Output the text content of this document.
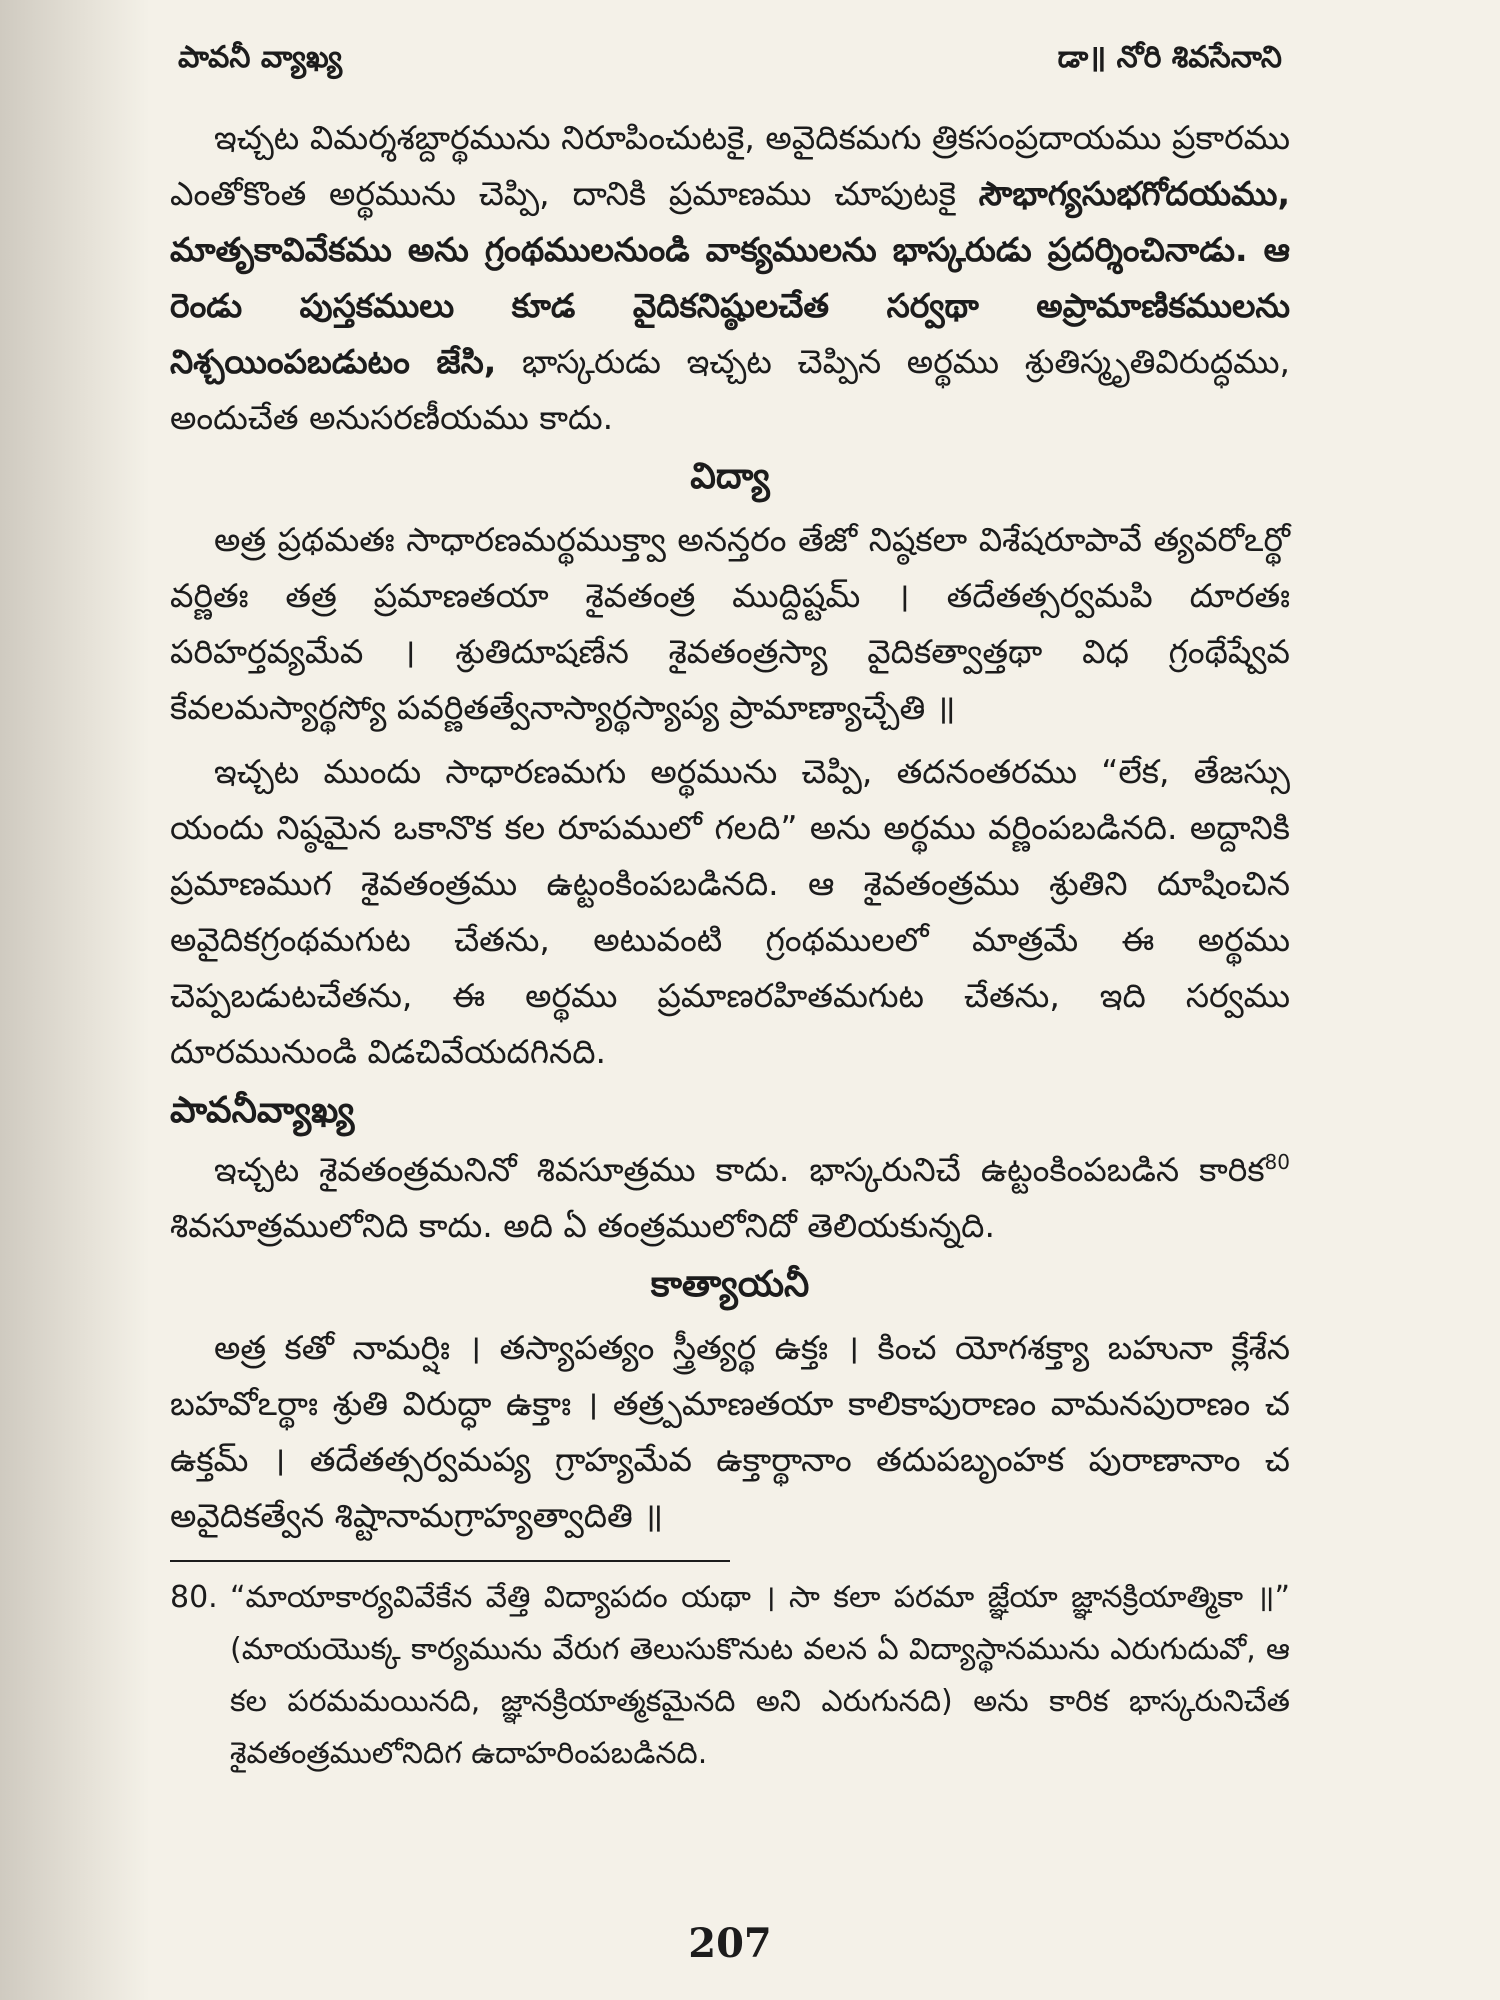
పావనీ వ్యాఖ్య	డా॥ నోరి శివసేనాని

ఇచ్చట విమర్శశబ్దార్థమును నిరూపించుటకై, అవైదికమగు త్రికసంప్రదాయము ప్రకారము ఎంతోకొంత అర్థమును చెప్పి, దానికి ప్రమాణము చూపుటకై సౌభాగ్యసుభగోదయము, మాతృకావివేకము అను గ్రంథములనుండి వాక్యములను భాస్కరుడు ప్రదర్శించినాడు. ఆ రెండు పుస్తకములు కూడ వైదికనిష్ఠులచేత సర్వథా అప్రామాణికములను నిశ్చయింపబడుటం జేసి, భాస్కరుడు ఇచ్చట చెప్పిన అర్థము శ్రుతిస్మృతివిరుద్ధము, అందుచేత అనుసరణీయము కాదు.

విద్యా

అత్ర ప్రథమతః సాధారణమర్థముక్త్వా అనన్తరం తేజో నిష్ఠకలా విశేషరూపావే త్యవరోఽర్థో వర్ణితః తత్ర ప్రమాణతయా శైవతంత్ర ముద్దిష్టమ్ । తదేతత్సర్వమపి దూరతః పరిహర్తవ్యమేవ । శ్రుతిదూషణేన శైవతంత్రస్యా వైదికత్వాత్తథా విధ గ్రంథేష్వేవ కేవలమస్యార్థస్యో పవర్ణితత్వేనాస్యార్థస్యాప్య ప్రామాణ్యాచ్చేతి ॥

ఇచ్చట ముందు సాధారణమగు అర్థమును చెప్పి, తదనంతరము “లేక, తేజస్సు యందు నిష్ఠమైన ఒకానొక కల రూపములో గలది” అను అర్థము వర్ణింపబడినది. అద్దానికి ప్రమాణముగ శైవతంత్రము ఉట్టంకింపబడినది. ఆ శైవతంత్రము శ్రుతిని దూషించిన అవైదికగ్రంథమగుట చేతను, అటువంటి గ్రంథములలో మాత్రమే ఈ అర్థము చెప్పబడుటచేతను, ఈ అర్థము ప్రమాణరహితమగుట చేతను, ఇది సర్వము దూరమునుండి విడచివేయదగినది.

పావనీవ్యాఖ్య

ఇచ్చట శైవతంత్రమనినో శివసూత్రము కాదు. భాస్కరునిచే ఉట్టంకింపబడిన కారిక$^{80}$ శివసూత్రములోనిది కాదు. అది ఏ తంత్రములోనిదో తెలియకున్నది.

కాత్యాయనీ

అత్ర కతో నామర్షిః । తస్యాపత్యం స్త్రీత్యర్థ ఉక్తః । కించ యోగశక్త్యా బహునా క్లేశేన బహవోఽర్థాః శ్రుతి విరుద్ధా ఉక్తాః । తత్ర్పమాణతయా కాలికాపురాణం వామనపురాణం చ ఉక్తమ్ । తదేతత్సర్వమప్య గ్రాహ్యమేవ ఉక్తార్థానాం తదుపబృంహక పురాణానాం చ అవైదికత్వేన శిష్టానామగ్రాహ్యత్వాదితి ॥

80. “మాయాకార్యవివేకేన వేత్తి విద్యాపదం యథా । సా కలా పరమా జ్ఞేయా జ్ఞానక్రియాత్మికా ॥” (మాయయొక్క కార్యమును వేరుగ తెలుసుకొనుట వలన ఏ విద్యాస్థానమును ఎరుగుదువో, ఆ కల పరమమయినది, జ్ఞానక్రియాత్మకమైనది అని ఎరుగునది) అను కారిక భాస్కరునిచేత శైవతంత్రములోనిదిగ ఉదాహరింపబడినది.
207
